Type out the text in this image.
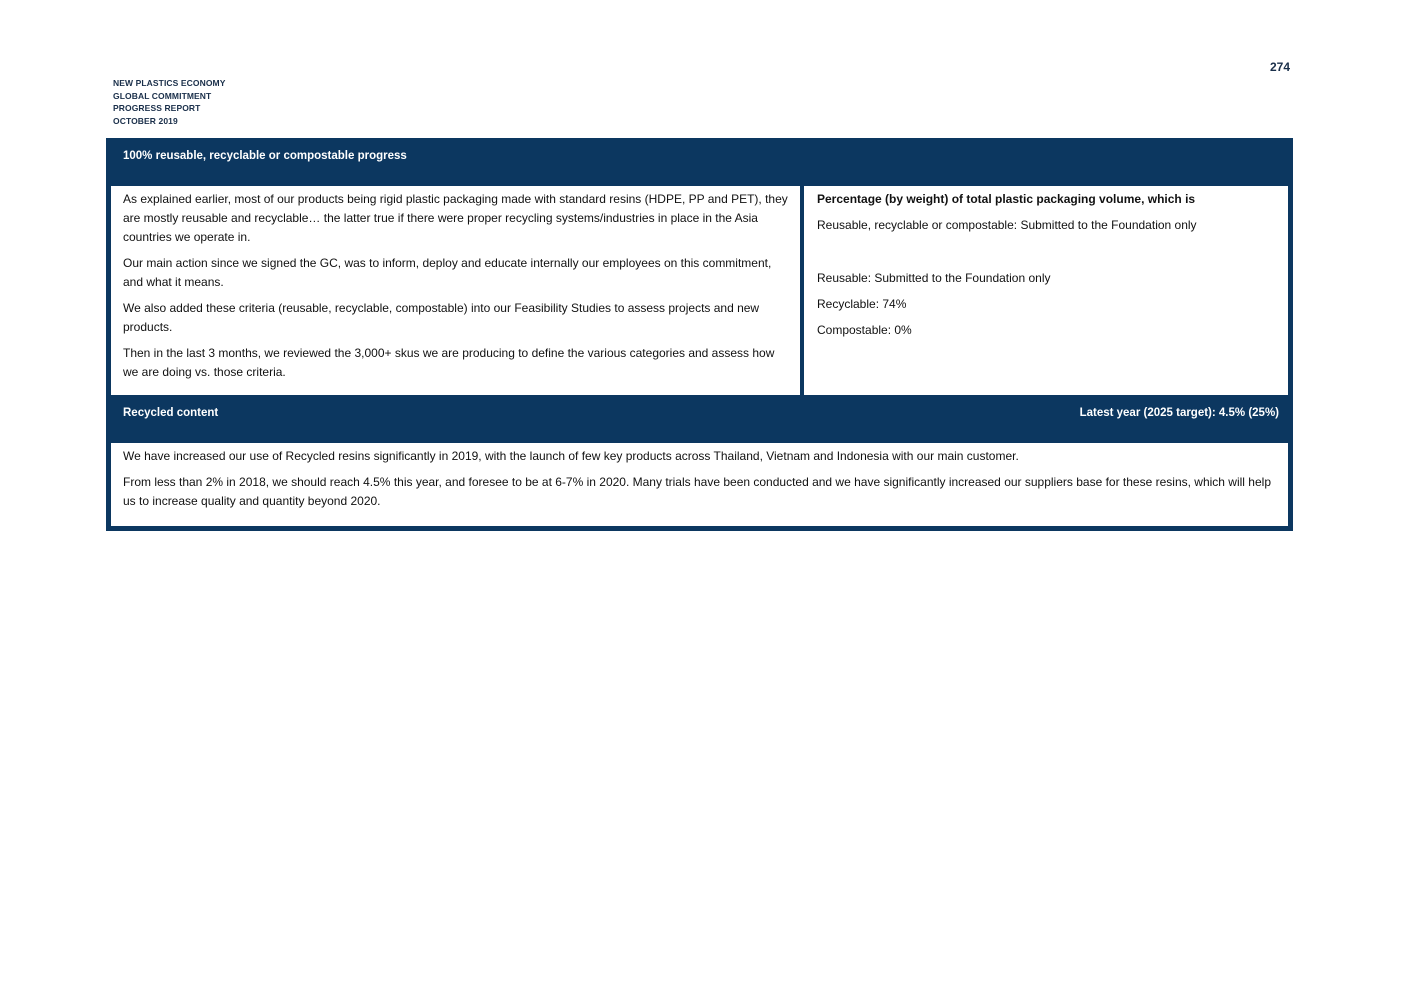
NEW PLASTICS ECONOMY
GLOBAL COMMITMENT
PROGRESS REPORT
OCTOBER 2019
274
100% reusable, recyclable or compostable progress

As explained earlier, most of our products being rigid plastic packaging made with standard resins (HDPE, PP and PET), they are mostly reusable and recyclable… the latter true if there were proper recycling systems/industries in place in the Asia countries we operate in.

Our main action since we signed the GC, was to inform, deploy and educate internally our employees on this commitment, and what it means.

We also added these criteria (reusable, recyclable, compostable) into our Feasibility Studies to assess projects and new products.

Then in the last 3 months, we reviewed the 3,000+ skus we are producing to define the various categories and assess how we are doing vs. those criteria.

Percentage (by weight) of total plastic packaging volume, which is

Reusable, recyclable or compostable: Submitted to the Foundation only

Reusable: Submitted to the Foundation only

Recyclable: 74%

Compostable: 0%

Recycled content	Latest year (2025 target): 4.5% (25%)

We have increased our use of Recycled resins significantly in 2019, with the launch of few key products across Thailand, Vietnam and Indonesia with our main customer.

From less than 2% in 2018, we should reach 4.5% this year, and foresee to be at 6-7% in 2020. Many trials have been conducted and we have significantly increased our suppliers base for these resins, which will help us to increase quality and quantity beyond 2020.
